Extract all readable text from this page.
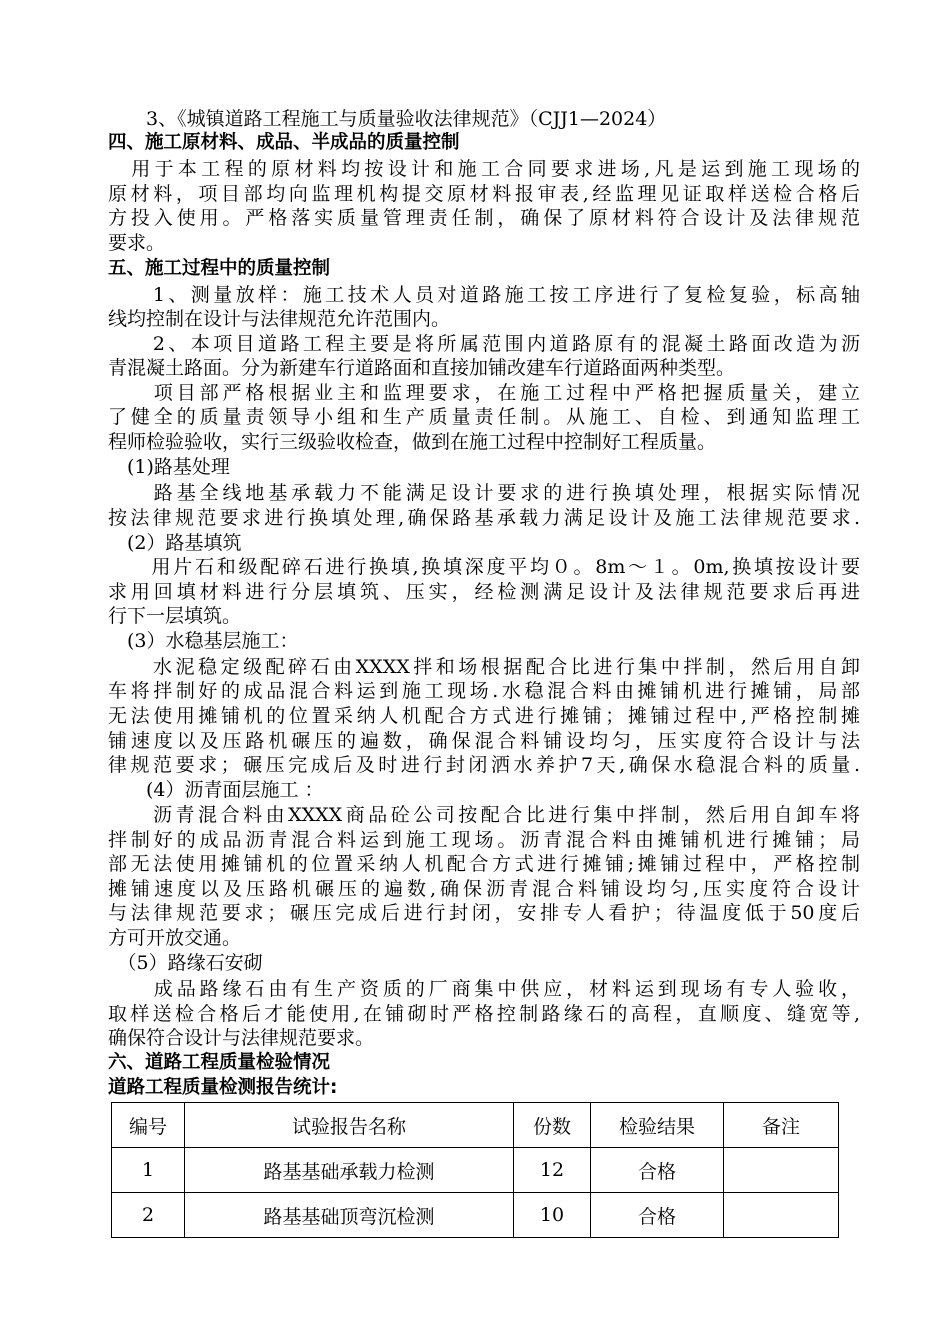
　　3、《城镇道路工程施工与质量验收法律规范》（CJJ1—2024）
四、施工原材料、成品、半成品的质量控制
　用于本工程的原材料均按设计和施工合同要求进场,凡是运到施工现场的
原材料，项目部均向监理机构提交原材料报审表,经监理见证取样送检合格后
方投入使用。严格落实质量管理责任制，确保了原材料符合设计及法律规范
要求。
五、施工过程中的质量控制
　　1、测量放样：施工技术人员对道路施工按工序进行了复检复验，标高轴
线均控制在设计与法律规范允许范围内。
　　2、本项目道路工程主要是将所属范围内道路原有的混凝土路面改造为沥
青混凝土路面。分为新建车行道路面和直接加铺改建车行道路面两种类型。
　　项目部严格根据业主和监理要求，在施工过程中严格把握质量关，建立
了健全的质量责领导小组和生产质量责任制。从施工、自检、到通知监理工
程师检验验收，实行三级验收检查，做到在施工过程中控制好工程质量。
　(1)路基处理
　　路基全线地基承载力不能满足设计要求的进行换填处理，根据实际情况
按法律规范要求进行换填处理,确保路基承载力满足设计及施工法律规范要求.
　(2）路基填筑
　　用片石和级配碎石进行换填,换填深度平均０。8m～１。0m,换填按设计要
求用回填材料进行分层填筑、压实，经检测满足设计及法律规范要求后再进
行下一层填筑。
　(3）水稳基层施工：
　　水泥稳定级配碎石由XXXX拌和场根据配合比进行集中拌制，然后用自卸
车将拌制好的成品混合料运到施工现场.水稳混合料由摊铺机进行摊铺，局部
无法使用摊铺机的位置采纳人机配合方式进行摊铺；摊铺过程中,严格控制摊
铺速度以及压路机碾压的遍数，确保混合料铺设均匀，压实度符合设计与法
律规范要求；碾压完成后及时进行封闭洒水养护7天,确保水稳混合料的质量.
　　(4）沥青面层施工 ：
　　沥青混合料由XXXX商品砼公司按配合比进行集中拌制，然后用自卸车将
拌制好的成品沥青混合料运到施工现场。沥青混合料由摊铺机进行摊铺；局
部无法使用摊铺机的位置采纳人机配合方式进行摊铺;摊铺过程中，严格控制
摊铺速度以及压路机碾压的遍数,确保沥青混合料铺设均匀,压实度符合设计
与法律规范要求；碾压完成后进行封闭，安排专人看护；待温度低于50度后
方可开放交通。
　（5）路缘石安砌
　　成品路缘石由有生产资质的厂商集中供应，材料运到现场有专人验收，
取样送检合格后才能使用,在铺砌时严格控制路缘石的高程，直顺度、缝宽等,
确保符合设计与法律规范要求。
六、道路工程质量检验情况
道路工程质量检测报告统计:
编号	试验报告名称	份数	检验结果	备注
1	路基基础承载力检测	12	合格	
2	路基基础顶弯沉检测	10	合格	
